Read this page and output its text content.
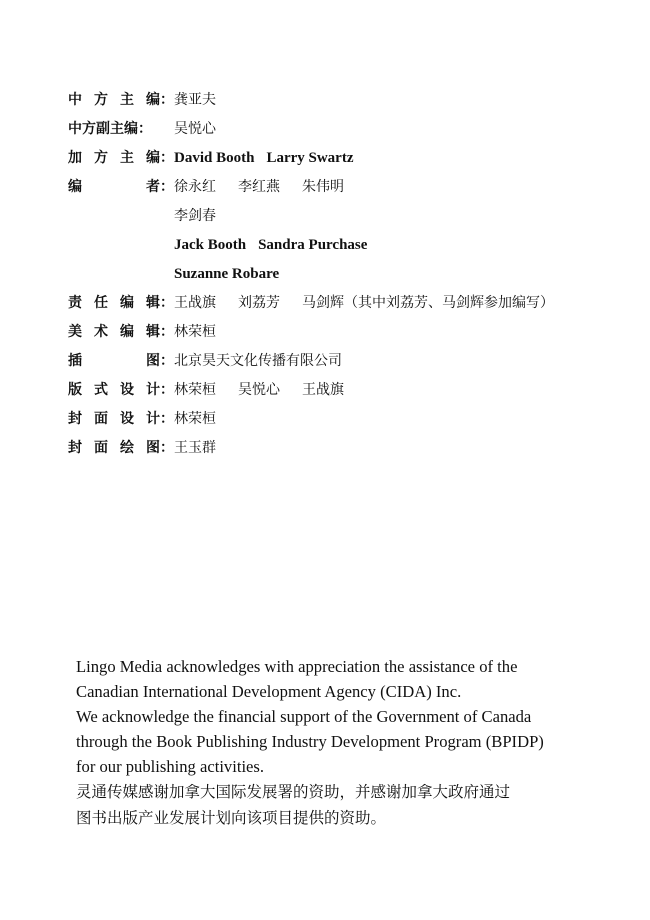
中 方 主 编： 龚亚夫
中方副主编： 吴悦心
加 方 主 编： David Booth Larry Swartz
编	者： 徐永红 李红燕 朱伟明
李剑春
Jack Booth Sandra Purchase
Suzanne Robare
责 任 编 辑： 王战旗 刘荔芳 马剑辉（其中刘荔芳、马剑辉参加编写）
美 术 编 辑： 林荣桓
插	图： 北京昊天文化传播有限公司
版 式 设 计： 林荣桓 吴悦心 王战旗
封 面 设 计： 林荣桓
封 面 绘 图： 王玉群

Lingo Media acknowledges with appreciation the assistance of the

Canadian International Development Agency (CIDA) Inc.

We acknowledge the financial support of the Government of Canada

through the Book Publishing Industry Development Program (BPIDP)

for our publishing activities.

灵通传媒感谢加拿大国际发展署的资助，并感谢加拿大政府通过

图书出版产业发展计划向该项目提供的资助。
